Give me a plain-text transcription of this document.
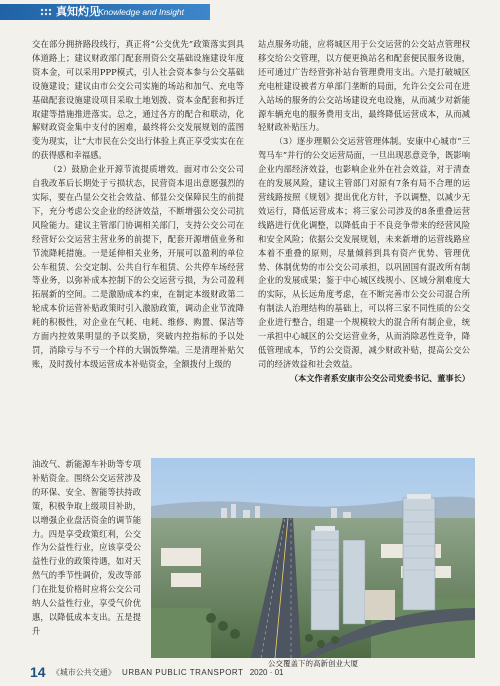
真知灼见
Knowledge and Insight

交在部分拥挤路段线行，真正将“公交优先”政策落实到具体道路上；建议财政部门配套刑资公交基础设施建设年度资本金，可以采用PPP模式，引人社会资本参与公交基础设施建设；建议由市公交公司实施的场站和加气、充电等基础配套设施建设项目采取土地划拨、资本金配套和拆迁取建等措施推进落实。总之，通过各方的配合和联动，化解财政资金集中支付的困难，最终将公交发展规划的蓝图变为现实，让“大市民在公交出行体验上真正享受实实在在的获得感和幸福感。

（2）鼓励企业开源节流提质增效。面对市公交公司自我改革后长期处于亏损状态，民营资本退出意愿强烈的实际，要在凸显公交社会效益、郁显公交保障民生的前提下，充分考虑公交企业的经济效益，不断增强公交公司抗风险能力。建议主管部门协调相关部门，支持公交公司在经营好公交运营主营业务的前提下，配套开源增值业务和节流降耗措施。一是延伸相关业务，开展可以盈利的单位公车租赁、公交定制、公共自行车租赁、公共停车场经营等业务，以弥补成本控制下的公交运营亏损，为公司盈利拓展新的空间。二是激励成本约束，在制定本级财政第二轮成本价运营补贴政策时引入激励政策，调动企业节流降耗的积极性，对企业在气耗、电耗、维修、购置、保洁等方面内控效果明显的予以奖励，突破内控指标的予以处罚，消除亏与不亏一个样的大锅饭弊端。三是清理补贴欠账，及时拨付本级运营成本补贴资金，全额拨付上级的

油改气、新能源车补助等专项补贴资金。围绕公交运营涉及的环保、安全、智能等扶持政策，积极争取上级项目补助，以增强企业盘活资金的调节能力。四是享受政策红利，公交作为公益性行业，应该享受公益性行业的政策待遇，如对天然气的季节性调价，发改等部门在批复价格时应将公交公司纳人公益性行业，享受气价优惠，以降低成本支出。五是提升

站点服务功能，应将城区用于公交运营的公交站点管理权移交给公交管理，以方便更换站名和配套便民服务设施，还可通过广告经营弥补站台管理费用支出。六是打破城区充电桩建设被者方单部门垄断的局面，允许公交公司在进入站场的服务的公交站场建设充电设施，从而减少对新能源车辆充电的服务费用支出，最终降低运营成本，从而减轻财政补贴压力。

（3）逐步理顺公交运营管理体制。安康中心城市“三驾马车”并行的公交运营局面，一旦出现恶意竞争，既影响企业内部经济效益，也影响企业外在社会效益，对于清查在的发展风险，建议主管部门对原有7条有局不合理的运营线路按照《规划》提出优化方针，予以调整，以减少无效运行，降低运营成本；将三家公司涉及的8条重叠运营线路进行优化调整，以降低由于不良竞争带来的经营风险和安全风险；依据公交发展规划，未来新增的运营线路应本着不重叠的原则，尽量倾斜到具有资产优势、管理优势、体制优势的市公交公司承担，以巩固国有混改所有制企业的发展成果；鉴于中心城区线规小、区域分割难度大的实际，从长远角度考虑，在不断完善市公交公司混合所有制法人治理结构的基础上，可以将三家不同性质的公交企业进行整合，组建一个规模较大的混合所有制企业，统一承担中心城区的公交运营业务，从而消除恶性竞争，降低管理成本，节约公交资源，减少财政补贴，提高公交公司的经济效益和社会效益。

（本文作者系安康市公交公司党委书记、董事长）

公交覆盖下的高新创业大厦
14 《城市公共交通》 URBAN PUBLIC TRANSPORT 2020 · 01
